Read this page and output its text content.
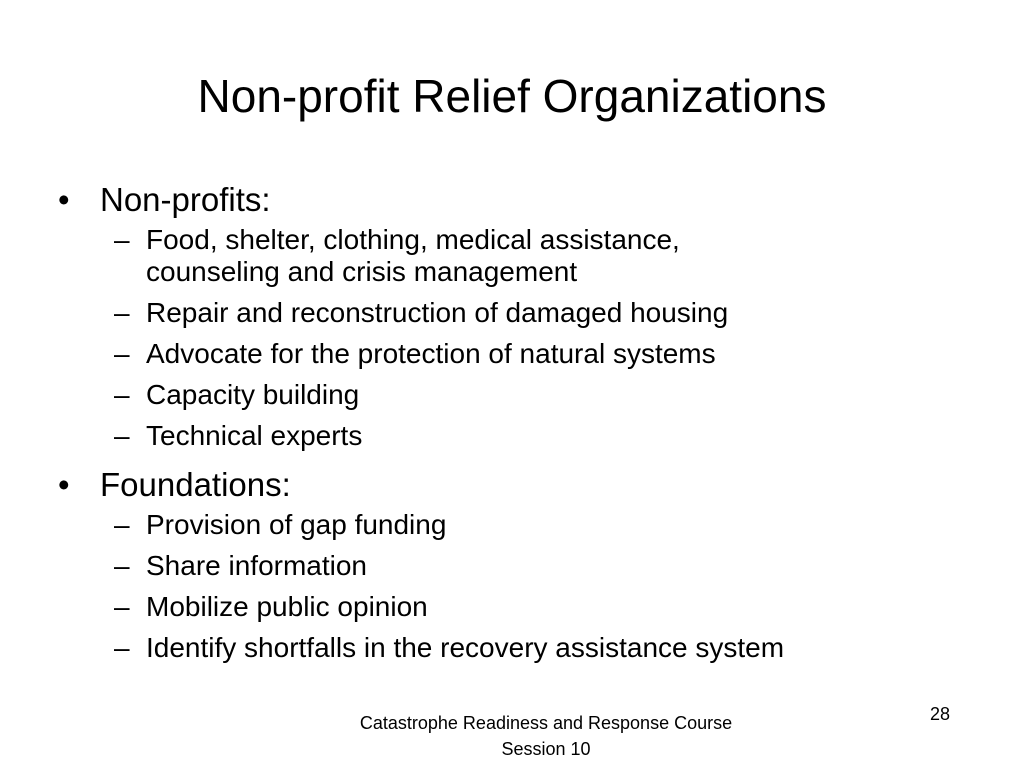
Non-profit Relief Organizations
• Non-profits:
– Food, shelter, clothing, medical assistance, counseling and crisis management
– Repair and reconstruction of damaged housing
– Advocate for the protection of natural systems
– Capacity building
– Technical experts
• Foundations:
– Provision of gap funding
– Share information
– Mobilize public opinion
– Identify shortfalls in the recovery assistance system
Catastrophe Readiness and Response Course
Session 10
28
